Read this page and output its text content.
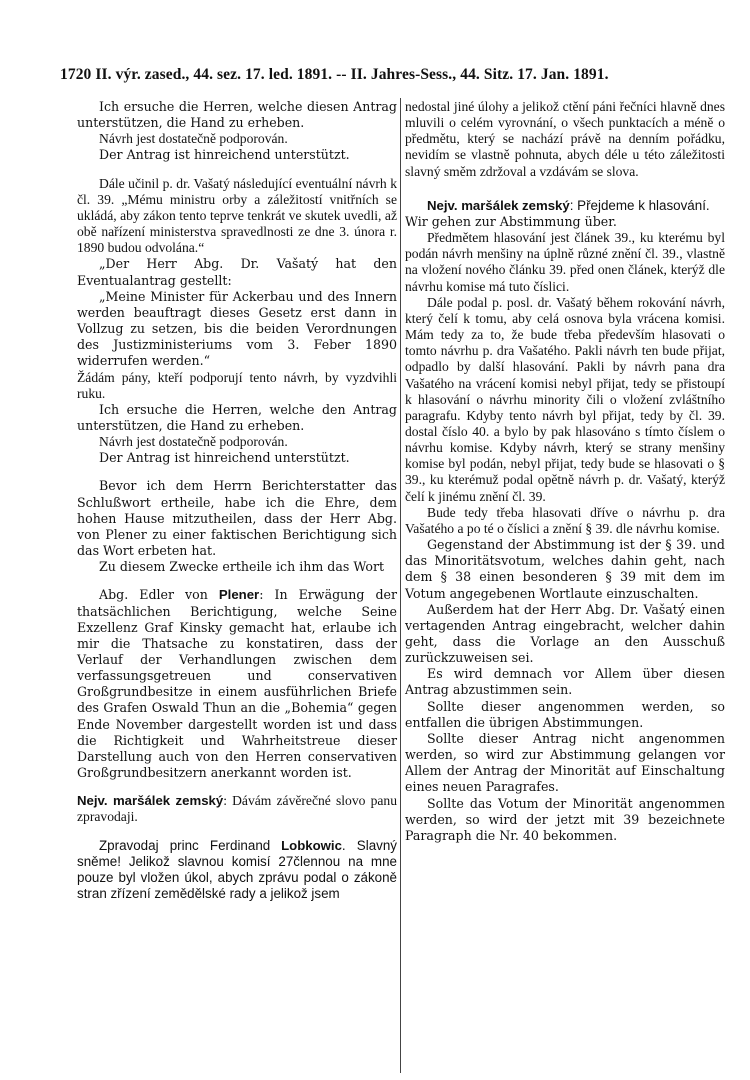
1720 II. výr. zased., 44. sez. 17. led. 1891. -- II. Jahres-Sess., 44. Sitz. 17. Jan. 1891.

Ich ersuche die Herren, welche diesen Antrag unterstützen, die Hand zu erheben.

Návrh jest dostatečně podporován.

Der Antrag ist hinreichend unterstützt.

Dále učinil p. dr. Vašatý následující eventuální návrh k čl. 39. „Mému ministru orby a záležitostí vnitřních se ukládá, aby zákon tento teprve tenkrát ve skutek uvedli, až obě nařízení ministerstva spravedlnosti ze dne 3. února r. 1890 budou odvolána.“

„Der Herr Abg. Dr. Vašatý hat den Eventualantrag gestellt:

„Meine Minister für Ackerbau und des Innern werden beauftragt dieses Gesetz erst dann in Vollzug zu setzen, bis die beiden Verordnungen des Justizministeriums vom 3. Feber 1890 widerrufen werden.“

Žádám pány, kteří podporují tento návrh, by vyzdvihli ruku.

Ich ersuche die Herren, welche den Antrag unterstützen, die Hand zu erheben.

Návrh jest dostatečně podporován.

Der Antrag ist hinreichend unterstützt.

Bevor ich dem Herrn Berichterstatter das Schlußwort ertheile, habe ich die Ehre, dem hohen Hause mitzutheilen, dass der Herr Abg. von Plener zu einer faktischen Berichtigung sich das Wort erbeten hat.

Zu diesem Zwecke ertheile ich ihm das Wort

Abg. Edler von Plener: In Erwägung der thatsächlichen Berichtigung, welche Seine Exzellenz Graf Kinsky gemacht hat, erlaube ich mir die Thatsache zu konstatiren, dass der Verlauf der Verhandlungen zwischen dem verfassungsgetreuen und conservativen Großgrundbesitze in einem ausführlichen Briefe des Grafen Oswald Thun an die „Bohemia“ gegen Ende November dargestellt worden ist und dass die Richtigkeit und Wahrheitstreue dieser Darstellung auch von den Herren conservativen Großgrundbesitzern anerkannt worden ist.

Nejv. maršálek zemský: Dávám závěrečné slovo panu zpravodaji.

Zpravodaj princ Ferdinand Lobkowic. Slavný sněme! Jelikož slavnou komisí 27člennou na mne pouze byl vložen úkol, abych zprávu podal o zákoně stran zřízení zemědělské rady a jelikož jsem

nedostal jiné úlohy a jelikož ctění páni řečníci hlavně dnes mluvili o celém vyrovnání, o všech punktacích a méně o předmětu, který se nachází právě na denním pořádku, nevidím se vlastně pohnuta, abych déle u této záležitosti slavný směm zdržoval a vzdávám se slova.

Nejv. maršálek zemský: Přejdeme k hlasování.

Wir gehen zur Abstimmung über.

Předmětem hlasování jest článek 39., ku kterému byl podán návrh menšiny na úplně různé znění čl. 39., vlastně na vložení nového článku 39. před onen článek, kterýž dle návrhu komise má tuto číslici.

Dále podal p. posl. dr. Vašatý během rokování návrh, který čelí k tomu, aby celá osnova byla vrácena komisi. Mám tedy za to, že bude třeba především hlasovati o tomto návrhu p. dra Vašatého. Pakli návrh ten bude přijat, odpadlo by další hlasování. Pakli by návrh pana dra Vašatého na vrácení komisi nebyl přijat, tedy se přistoupí k hlasování o návrhu minority čili o vložení zvláštního paragrafu. Kdyby tento návrh byl přijat, tedy by čl. 39. dostal číslo 40. a bylo by pak hlasováno s tímto číslem o návrhu komise. Kdyby návrh, který se strany menšiny komise byl podán, nebyl přijat, tedy bude se hlasovati o § 39., ku kterémuž podal opětně návrh p. dr. Vašatý, kterýž čelí k jinému znění čl. 39.

Bude tedy třeba hlasovati dříve o návrhu p. dra Vašatého a po té o číslici a znění § 39. dle návrhu komise.

Gegenstand der Abstimmung ist der § 39. und das Minoritätsvotum, welches dahin geht, nach dem § 38 einen besonderen § 39 mit dem im Votum angegebenen Wortlaute einzuschalten.

Außerdem hat der Herr Abg. Dr. Vašatý einen vertagenden Antrag eingebracht, welcher dahin geht, dass die Vorlage an den Ausschuß zurückzuweisen sei.

Es wird demnach vor Allem über diesen Antrag abzustimmen sein.

Sollte dieser angenommen werden, so entfallen die übrigen Abstimmungen.

Sollte dieser Antrag nicht angenommen werden, so wird zur Abstimmung gelangen vor Allem der Antrag der Minorität auf Einschaltung eines neuen Paragrafes.

Sollte das Votum der Minorität angenommen werden, so wird der jetzt mit 39 bezeichnete Paragraph die Nr. 40 bekommen.
